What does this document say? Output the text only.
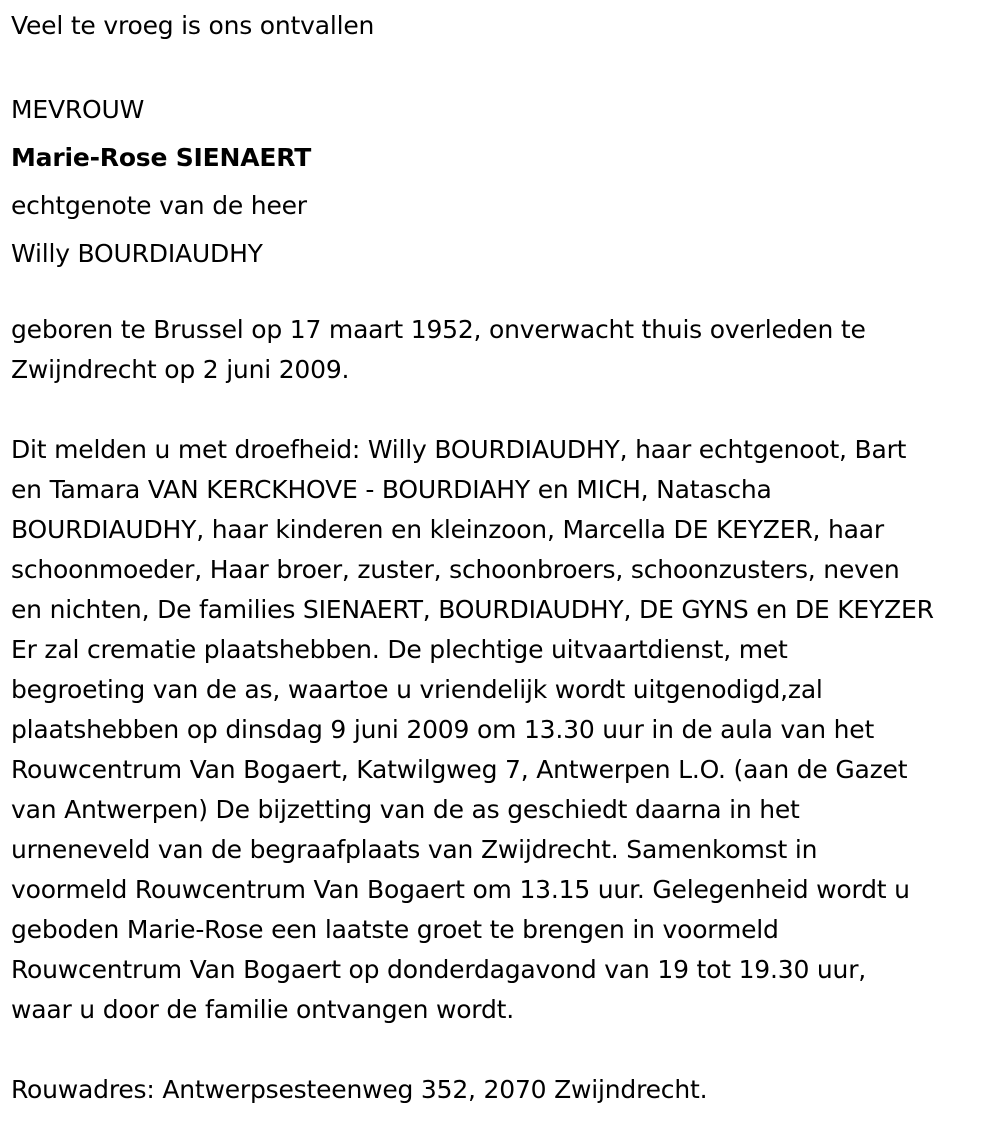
Veel te vroeg is ons ontvallen
MEVROUW
Marie-Rose SIENAERT
echtgenote van de heer
Willy BOURDIAUDHY
geboren te Brussel op 17 maart 1952, onverwacht thuis overleden te
Zwijndrecht op 2 juni 2009.
Dit melden u met droefheid: Willy BOURDIAUDHY, haar echtgenoot, Bart
en Tamara VAN KERCKHOVE - BOURDIAHY en MICH, Natascha
BOURDIAUDHY, haar kinderen en kleinzoon, Marcella DE KEYZER, haar
schoonmoeder, Haar broer, zuster, schoonbroers, schoonzusters, neven
en nichten, De families SIENAERT, BOURDIAUDHY, DE GYNS en DE KEYZER
Er zal crematie plaatshebben. De plechtige uitvaartdienst, met
begroeting van de as, waartoe u vriendelijk wordt uitgenodigd,zal
plaatshebben op dinsdag 9 juni 2009 om 13.30 uur in de aula van het
Rouwcentrum Van Bogaert, Katwilgweg 7, Antwerpen L.O. (aan de Gazet
van Antwerpen) De bijzetting van de as geschiedt daarna in het
urneneveld van de begraafplaats van Zwijdrecht. Samenkomst in
voormeld Rouwcentrum Van Bogaert om 13.15 uur. Gelegenheid wordt u
geboden Marie-Rose een laatste groet te brengen in voormeld
Rouwcentrum Van Bogaert op donderdagavond van 19 tot 19.30 uur,
waar u door de familie ontvangen wordt.
Rouwadres: Antwerpsesteenweg 352, 2070 Zwijndrecht.
